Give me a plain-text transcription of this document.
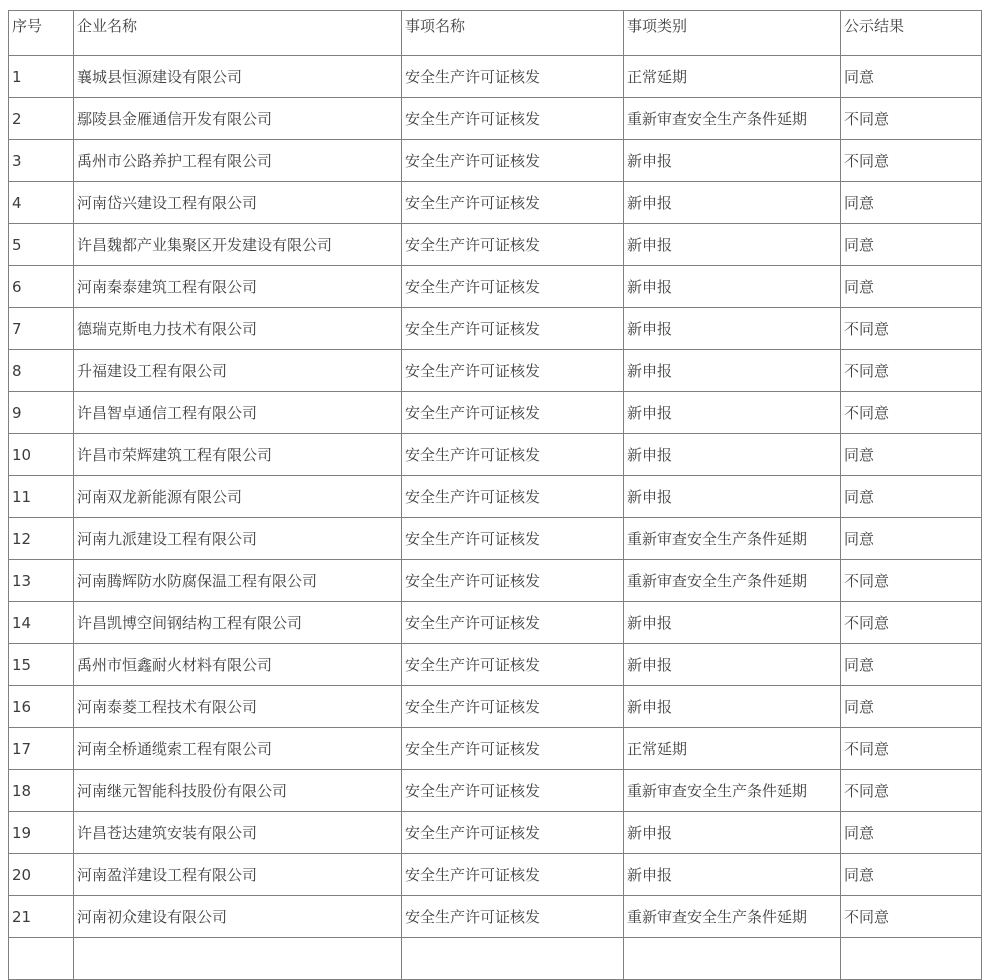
序号	企业名称	事项名称	事项类别	公示结果
1	襄城县恒源建设有限公司	安全生产许可证核发	正常延期	同意
2	鄢陵县金雁通信开发有限公司	安全生产许可证核发	重新审查安全生产条件延期	不同意
3	禹州市公路养护工程有限公司	安全生产许可证核发	新申报	不同意
4	河南岱兴建设工程有限公司	安全生产许可证核发	新申报	同意
5	许昌魏都产业集聚区开发建设有限公司	安全生产许可证核发	新申报	同意
6	河南秦泰建筑工程有限公司	安全生产许可证核发	新申报	同意
7	德瑞克斯电力技术有限公司	安全生产许可证核发	新申报	不同意
8	升福建设工程有限公司	安全生产许可证核发	新申报	不同意
9	许昌智卓通信工程有限公司	安全生产许可证核发	新申报	不同意
10	许昌市荣辉建筑工程有限公司	安全生产许可证核发	新申报	同意
11	河南双龙新能源有限公司	安全生产许可证核发	新申报	同意
12	河南九派建设工程有限公司	安全生产许可证核发	重新审查安全生产条件延期	同意
13	河南腾辉防水防腐保温工程有限公司	安全生产许可证核发	重新审查安全生产条件延期	不同意
14	许昌凯博空间钢结构工程有限公司	安全生产许可证核发	新申报	不同意
15	禹州市恒鑫耐火材料有限公司	安全生产许可证核发	新申报	同意
16	河南泰菱工程技术有限公司	安全生产许可证核发	新申报	同意
17	河南全桥通缆索工程有限公司	安全生产许可证核发	正常延期	不同意
18	河南继元智能科技股份有限公司	安全生产许可证核发	重新审查安全生产条件延期	不同意
19	许昌苍达建筑安装有限公司	安全生产许可证核发	新申报	同意
20	河南盈洋建设工程有限公司	安全生产许可证核发	新申报	同意
21	河南初众建设有限公司	安全生产许可证核发	重新审查安全生产条件延期	不同意
